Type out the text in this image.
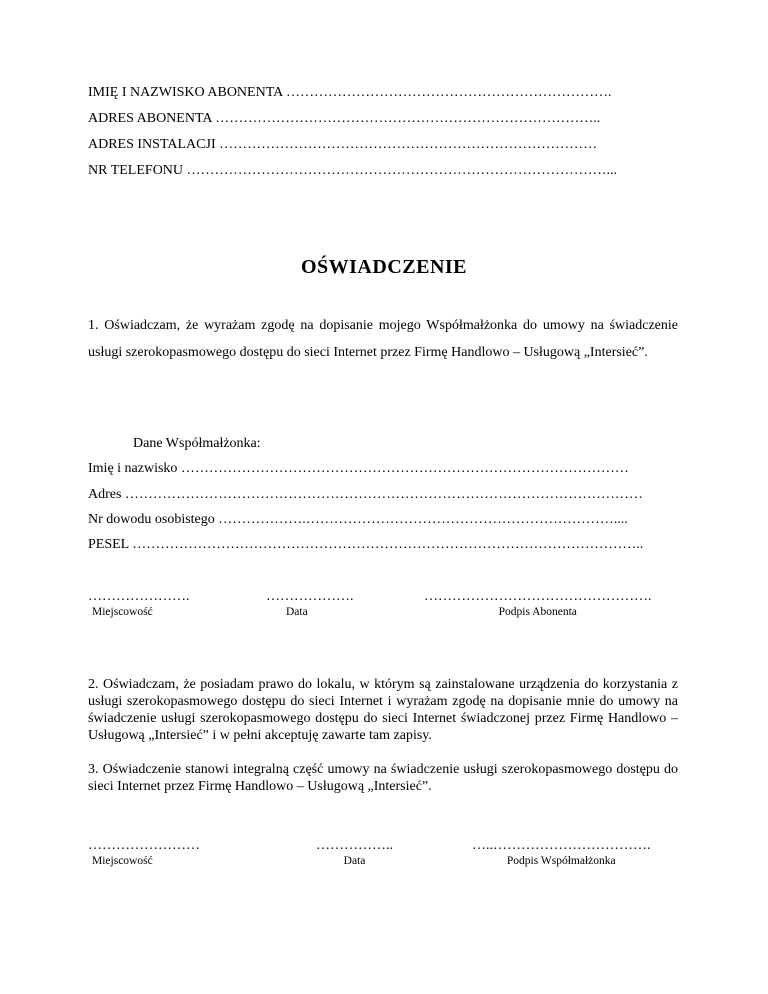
IMIĘ I NAZWISKO ABONENTA …………………………………………………………….
ADRES ABONENTA ………………………………………………………………………..
ADRES INSTALACJI ………………………………………………………………………
NR TELEFONU ………………………………………………………………………………...
OŚWIADCZENIE
1. Oświadczam, że wyrażam zgodę na dopisanie mojego Współmałżonka do umowy na świadczenie usługi szerokopasmowego dostępu do sieci Internet przez Firmę Handlowo – Usługową „Intersieć”.
Dane Współmałżonka:
Imię i nazwisko ……………………………………………………………………………………
Adres …………………………………………………………………………………………………
Nr dowodu osobistego ……………….…………………………………………………………....
PESEL ………………………………………………………………………………………………..
………………….
Miejscowość
……………….
Data
………………………………………….
Podpis Abonenta
2. Oświadczam, że posiadam prawo do lokalu, w którym są zainstalowane urządzenia do korzystania z usługi szerokopasmowego dostępu do sieci Internet i wyrażam zgodę na dopisanie mnie do umowy na świadczenie usługi szerokopasmowego dostępu do sieci Internet świadczonej przez Firmę Handlowo – Usługową „Intersieć” i w pełni akceptuję zawarte tam zapisy.
3. Oświadczenie stanowi integralną część umowy na świadczenie usługi szerokopasmowego dostępu do sieci Internet przez Firmę Handlowo – Usługową „Intersieć”.
……………………
Miejscowość
……………..
Data
…..…………………………….
Podpis Współmałżonka
